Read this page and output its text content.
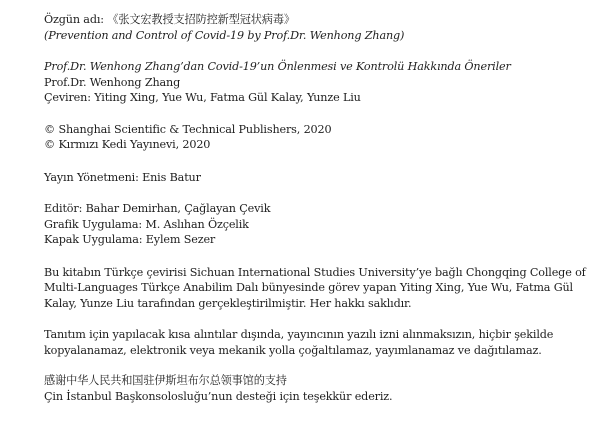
Özgün adı: 《张文宏教授支招防控新型冠状病毒》
(Prevention and Control of Covid-19 by Prof.Dr. Wenhong Zhang)
Prof.Dr. Wenhong Zhang’dan Covid-19’un Önlenmesi ve Kontrolü Hakkında Öneriler
Prof.Dr. Wenhong Zhang
Çeviren: Yiting Xing, Yue Wu, Fatma Gül Kalay, Yunze Liu
© Shanghai Scientific & Technical Publishers, 2020
© Kırmızı Kedi Yayınevi, 2020
Yayın Yönetmeni: Enis Batur
Editör: Bahar Demirhan, Çağlayan Çevik
Grafik Uygulama: M. Aslıhan Özçelik
Kapak Uygulama: Eylem Sezer
Bu kitabın Türkçe çevirisi Sichuan International Studies University’ye bağlı Chongqing College of Multi-Languages Türkçe Anabilim Dalı bünyesinde görev yapan Yiting Xing, Yue Wu, Fatma Gül Kalay, Yunze Liu tarafından gerçekleştirilmiştir. Her hakkı saklıdır.
Tanıtım için yapılacak kısa alıntılar dışında, yayıncının yazılı izni alınmaksızın, hiçbir şekilde kopyalanamaz, elektronik veya mekanik yolla çoğaltılamaz, yayımlanamaz ve dağıtılamaz.
感谢中华人民共和国驻伊斯坦布尔总领事馆的支持
Çin İstanbul Başkonsolosluğu’nun desteği için teşekkür ederiz.
